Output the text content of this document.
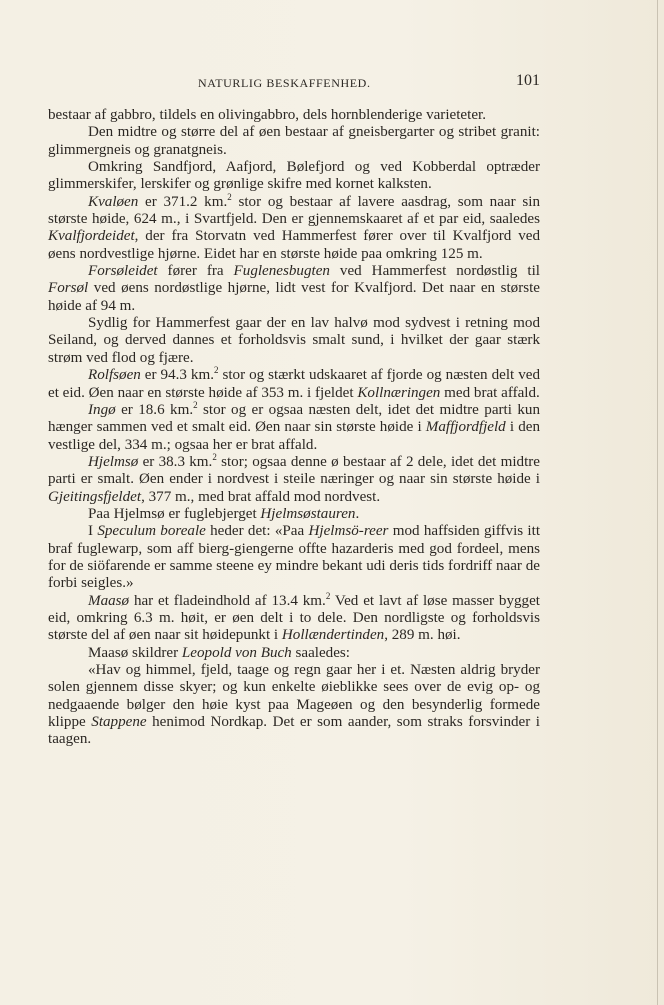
NATURLIG BESKAFFENHED.	101

bestaar af gabbro, tildels en olivingabbro, dels hornblenderige varieteter.

Den midtre og større del af øen bestaar af gneisbergarter og stribet granit: glimmergneis og granatgneis.

Omkring Sandfjord, Aafjord, Bølefjord og ved Kobberdal optræder glimmerskifer, lerskifer og grønlige skifre med kornet kalksten.

Kvaløen er 371.2 km.$^2$ stor og bestaar af lavere aasdrag, som naar sin største høide, 624 m., i Svartfjeld. Den er gjennemskaaret af et par eid, saaledes Kvalfjordeidet, der fra Storvatn ved Hammerfest fører over til Kvalfjord ved øens nordvestlige hjørne. Eidet har en største høide paa omkring 125 m.

Forsøleidet fører fra Fuglenesbugten ved Hammerfest nordøstlig til Forsøl ved øens nordøstlige hjørne, lidt vest for Kvalfjord. Det naar en største høide af 94 m.

Sydlig for Hammerfest gaar der en lav halvø mod sydvest i retning mod Seiland, og derved dannes et forholdsvis smalt sund, i hvilket der gaar stærk strøm ved flod og fjære.

Rolfsøen er 94.3 km.$^2$ stor og stærkt udskaaret af fjorde og næsten delt ved et eid. Øen naar en største høide af 353 m. i fjeldet Kollnæringen med brat affald.

Ingø er 18.6 km.$^2$ stor og er ogsaa næsten delt, idet det midtre parti kun hænger sammen ved et smalt eid. Øen naar sin største høide i Maffjordfjeld i den vestlige del, 334 m.; ogsaa her er brat affald.

Hjelmsø er 38.3 km.$^2$ stor; ogsaa denne ø bestaar af 2 dele, idet det midtre parti er smalt. Øen ender i nordvest i steile næringer og naar sin største høide i Gjeitingsfjeldet, 377 m., med brat affald mod nordvest.

Paa Hjelmsø er fuglebjerget Hjelmsøstauren.

I Speculum boreale heder det: «Paa Hjelmsö-reer mod haffsiden giffvis itt braf fuglewarp, som aff bierg-giengerne offte hazarderis med god fordeel, mens for de siöfarende er samme steene ey mindre bekant udi deris tids fordriff naar de forbi seigles.»

Maasø har et fladeindhold af 13.4 km.$^2$ Ved et lavt af løse masser bygget eid, omkring 6.3 m. høit, er øen delt i to dele. Den nordligste og forholdsvis største del af øen naar sit høidepunkt i Hollændertinden, 289 m. høi.

Maasø skildrer Leopold von Buch saaledes:

«Hav og himmel, fjeld, taage og regn gaar her i et. Næsten aldrig bryder solen gjennem disse skyer; og kun enkelte øieblikke sees over de evig op- og nedgaaende bølger den høie kyst paa Mageøen og den besynderlig formede klippe Stappene henimod Nordkap. Det er som aander, som straks forsvinder i taagen.
